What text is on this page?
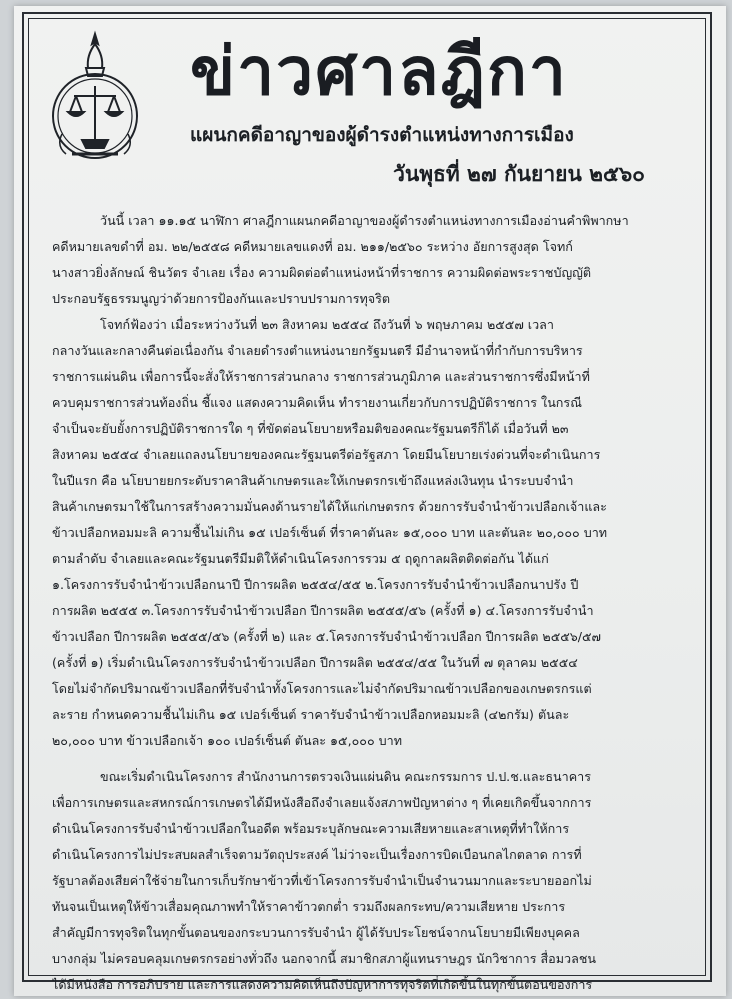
ข่าวศาลฎีกา
แผนกคดีอาญาของผู้ดำรงตำแหน่งทางการเมือง
วันพุธที่ ๒๗ กันยายน ๒๕๖๐
วันนี้ เวลา ๑๑.๑๕ นาฬิกา ศาลฎีกาแผนกคดีอาญาของผู้ดำรงตำแหน่งทางการเมืองอ่านคำพิพากษา
คดีหมายเลขดำที่ อม. ๒๒/๒๕๕๘ คดีหมายเลขแดงที่ อม. ๒๑๑/๒๕๖๐ ระหว่าง อัยการสูงสุด โจทก์
นางสาวยิ่งลักษณ์ ชินวัตร จำเลย เรื่อง ความผิดต่อตำแหน่งหน้าที่ราชการ ความผิดต่อพระราชบัญญัติ
ประกอบรัฐธรรมนูญว่าด้วยการป้องกันและปราบปรามการทุจริต
โจทก์ฟ้องว่า เมื่อระหว่างวันที่ ๒๓ สิงหาคม ๒๕๕๔ ถึงวันที่ ๖ พฤษภาคม ๒๕๕๗ เวลา
กลางวันและกลางคืนต่อเนื่องกัน จำเลยดำรงตำแหน่งนายกรัฐมนตรี มีอำนาจหน้าที่กำกับการบริหาร
ราชการแผ่นดิน เพื่อการนี้จะสั่งให้ราชการส่วนกลาง ราชการส่วนภูมิภาค และส่วนราชการซึ่งมีหน้าที่
ควบคุมราชการส่วนท้องถิ่น ชี้แจง แสดงความคิดเห็น ทำรายงานเกี่ยวกับการปฏิบัติราชการ ในกรณี
จำเป็นจะยับยั้งการปฏิบัติราชการใด ๆ ที่ขัดต่อนโยบายหรือมติของคณะรัฐมนตรีก็ได้ เมื่อวันที่ ๒๓
สิงหาคม ๒๕๕๔ จำเลยแถลงนโยบายของคณะรัฐมนตรีต่อรัฐสภา โดยมีนโยบายเร่งด่วนที่จะดำเนินการ
ในปีแรก คือ นโยบายยกระดับราคาสินค้าเกษตรและให้เกษตรกรเข้าถึงแหล่งเงินทุน นำระบบจำนำ
สินค้าเกษตรมาใช้ในการสร้างความมั่นคงด้านรายได้ให้แก่เกษตรกร ด้วยการรับจำนำข้าวเปลือกเจ้าและ
ข้าวเปลือกหอมมะลิ ความชื้นไม่เกิน ๑๕ เปอร์เซ็นต์ ที่ราคาตันละ ๑๕,๐๐๐ บาท และตันละ ๒๐,๐๐๐ บาท
ตามลำดับ จำเลยและคณะรัฐมนตรีมีมติให้ดำเนินโครงการรวม ๕ ฤดูกาลผลิตติดต่อกัน ได้แก่
๑.โครงการรับจำนำข้าวเปลือกนาปี ปีการผลิต ๒๕๕๔/๕๕ ๒.โครงการรับจำนำข้าวเปลือกนาปรัง ปี
การผลิต ๒๕๕๕ ๓.โครงการรับจำนำข้าวเปลือก ปีการผลิต ๒๕๕๕/๕๖ (ครั้งที่ ๑) ๔.โครงการรับจำนำ
ข้าวเปลือก ปีการผลิต ๒๕๕๕/๕๖ (ครั้งที่ ๒) และ ๕.โครงการรับจำนำข้าวเปลือก ปีการผลิต ๒๕๕๖/๕๗
(ครั้งที่ ๑) เริ่มดำเนินโครงการรับจำนำข้าวเปลือก ปีการผลิต ๒๕๕๔/๕๕ ในวันที่ ๗ ตุลาคม ๒๕๕๔
โดยไม่จำกัดปริมาณข้าวเปลือกที่รับจำนำทั้งโครงการและไม่จำกัดปริมาณข้าวเปลือกของเกษตรกรแต่
ละราย กำหนดความชื้นไม่เกิน ๑๕ เปอร์เซ็นต์ ราคารับจำนำข้าวเปลือกหอมมะลิ (๔๒กรัม) ตันละ
๒๐,๐๐๐ บาท ข้าวเปลือกเจ้า ๑๐๐ เปอร์เซ็นต์ ตันละ ๑๕,๐๐๐ บาท
ขณะเริ่มดำเนินโครงการ สำนักงานการตรวจเงินแผ่นดิน คณะกรรมการ ป.ป.ช.และธนาคาร
เพื่อการเกษตรและสหกรณ์การเกษตรได้มีหนังสือถึงจำเลยแจ้งสภาพปัญหาต่าง ๆ ที่เคยเกิดขึ้นจากการ
ดำเนินโครงการรับจำนำข้าวเปลือกในอดีต พร้อมระบุลักษณะความเสียหายและสาเหตุที่ทำให้การ
ดำเนินโครงการไม่ประสบผลสำเร็จตามวัตถุประสงค์ ไม่ว่าจะเป็นเรื่องการบิดเบือนกลไกตลาด การที่
รัฐบาลต้องเสียค่าใช้จ่ายในการเก็บรักษาข้าวที่เข้าโครงการรับจำนำเป็นจำนวนมากและระบายออกไม่
ทันจนเป็นเหตุให้ข้าวเสื่อมคุณภาพทำให้ราคาข้าวตกต่ำ รวมถึงผลกระทบ/ความเสียหาย ประการ
สำคัญมีการทุจริตในทุกขั้นตอนของกระบวนการรับจำนำ ผู้ได้รับประโยชน์จากนโยบายมีเพียงบุคคล
บางกลุ่ม ไม่ครอบคลุมเกษตรกรอย่างทั่วถึง นอกจากนี้ สมาชิกสภาผู้แทนราษฎร นักวิชาการ สื่อมวลชน
ได้มีหนังสือ การอภิปราย และการแสดงความคิดเห็นถึงปัญหาการทุจริตที่เกิดขึ้นในทุกขั้นตอนของการ
